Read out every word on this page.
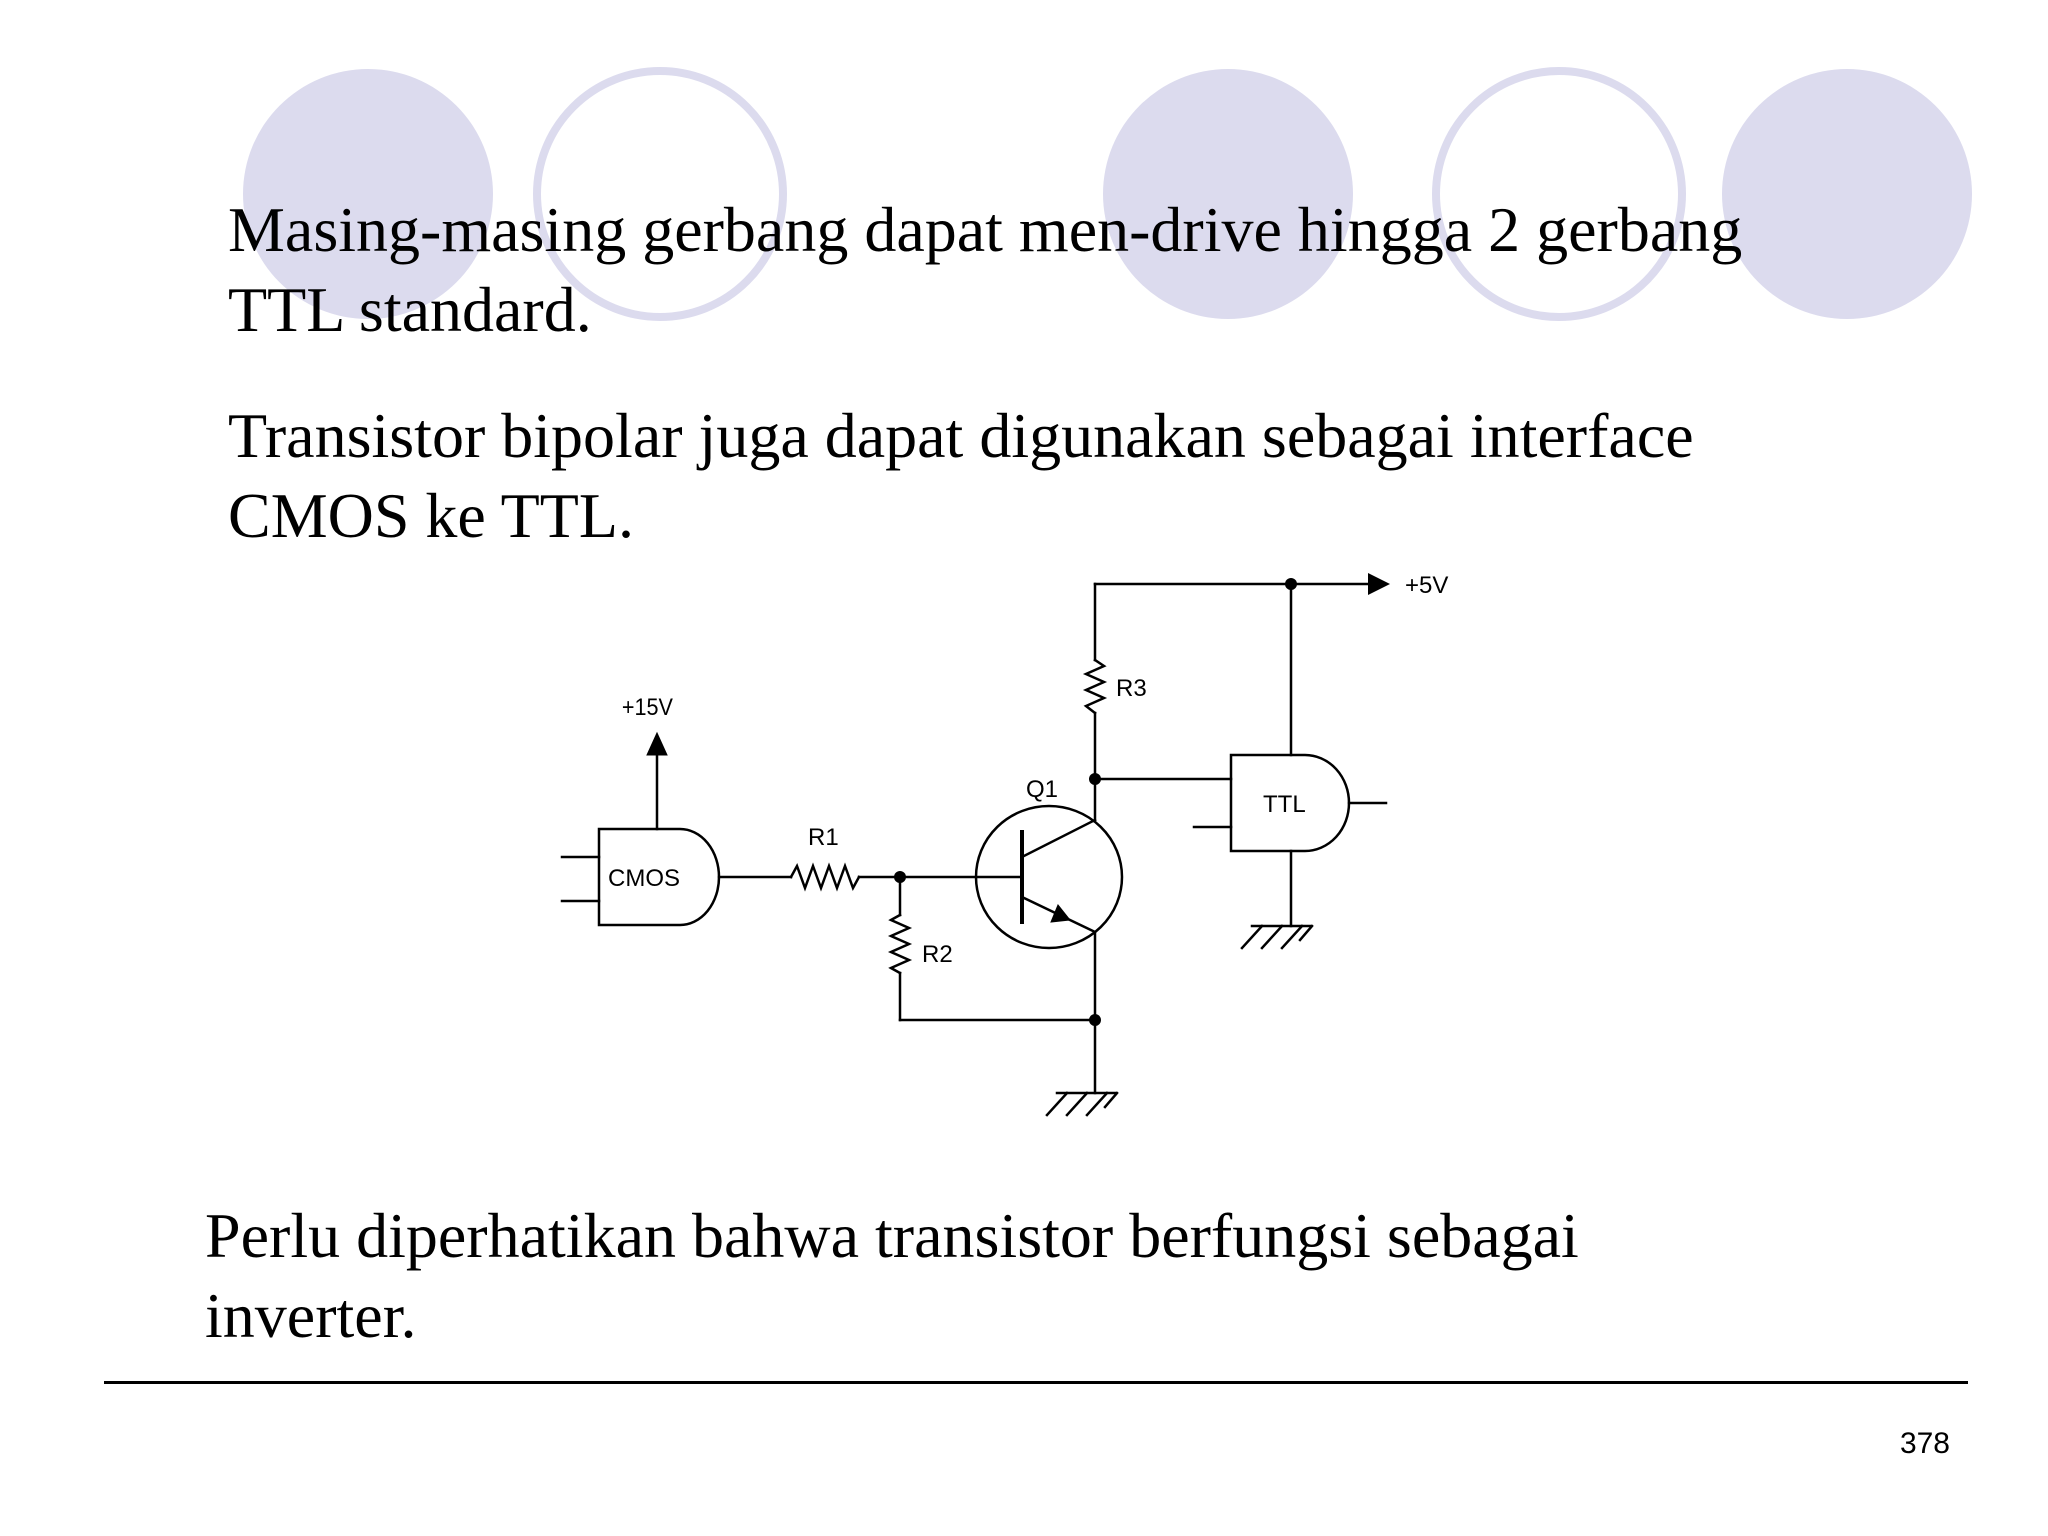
Masing-masing gerbang dapat men-drive hingga 2 gerbang
TTL standard.

Transistor bipolar juga dapat digunakan sebagai interface
CMOS ke TTL.

+15V
+5V
CMOS
TTL
R1
R2
R3
Q1

Perlu diperhatikan bahwa transistor berfungsi sebagai
inverter.

378
